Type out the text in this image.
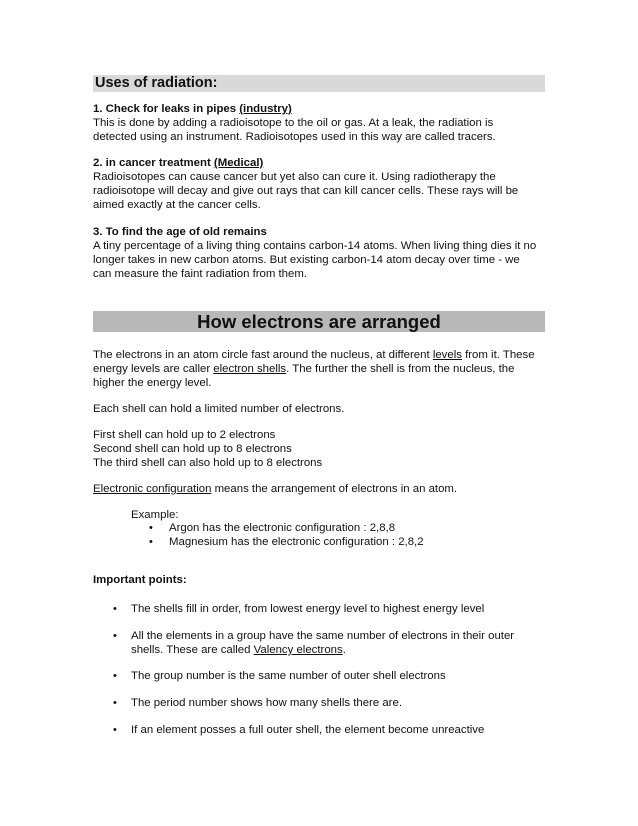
Uses of radiation:
1. Check for leaks in pipes (industry)
This is done by adding a radioisotope to the oil or gas. At a leak, the radiation is
detected using an instrument. Radioisotopes used in this way are called tracers.
2. in cancer treatment (Medical)
Radioisotopes can cause cancer but yet also can cure it. Using radiotherapy the
radioisotope will decay and give out rays that can kill cancer cells. These rays will be
aimed exactly at the cancer cells.
3. To find the age of old remains
A tiny percentage of a living thing contains carbon-14 atoms. When living thing dies it no
longer takes in new carbon atoms. But existing carbon-14 atom decay over time - we
can measure the faint radiation from them.
How electrons are arranged
The electrons in an atom circle fast around the nucleus, at different levels from it. These
energy levels are caller electron shells. The further the shell is from the nucleus, the
higher the energy level.
Each shell can hold a limited number of electrons.
First shell can hold up to 2 electrons
Second shell can hold up to 8 electrons
The third shell can also hold up to 8 electrons
Electronic configuration means the arrangement of electrons in an atom.
Example:
• Argon has the electronic configuration : 2,8,8
• Magnesium has the electronic configuration : 2,8,2
Important points:
• The shells fill in order, from lowest energy level to highest energy level
• All the elements in a group have the same number of electrons in their outer
shells. These are called Valency electrons.
• The group number is the same number of outer shell electrons
• The period number shows how many shells there are.
• If an element posses a full outer shell, the element become unreactive
